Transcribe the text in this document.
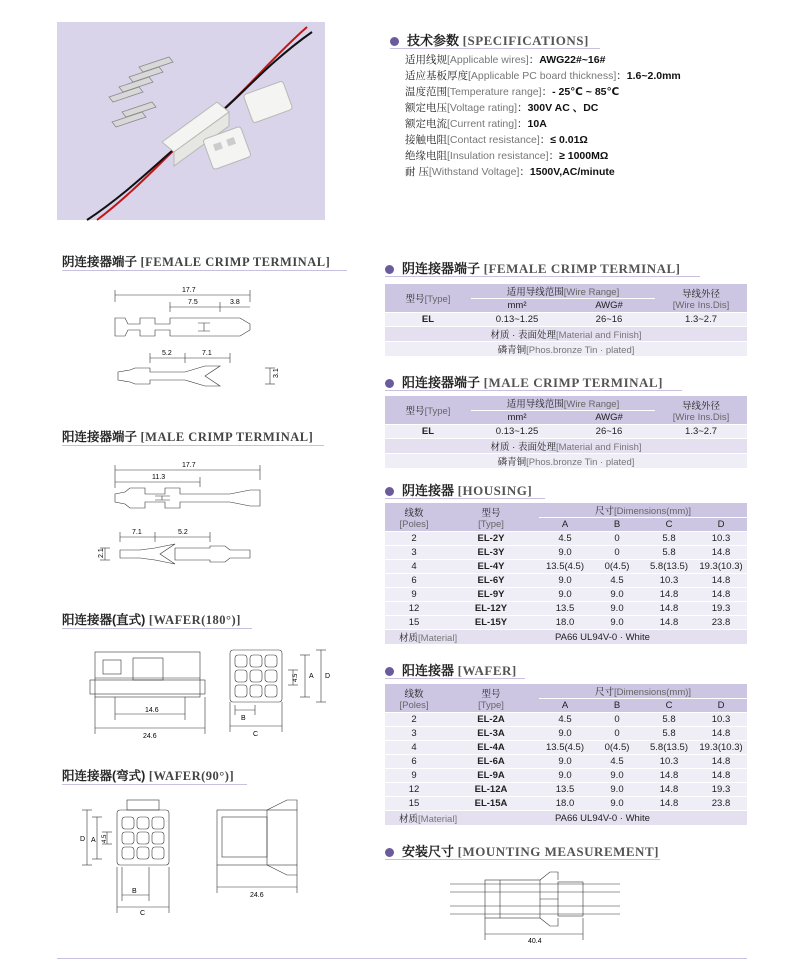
技术参数 [SPECIFICATIONS]
适用线规[Applicable wires]：AWG22#~16#
适应基板厚度[Applicable PC board thickness]：1.6~2.0mm
温度范围[Temperature range]：- 25℃ ~ 85℃
额定电压[Voltage rating]：300V AC 、DC
额定电流[Current rating]：10A
接触电阻[Contact resistance]：≤ 0.01Ω
绝缘电阻[Insulation resistance]：≥ 1000MΩ
耐 压[Withstand Voltage]：1500V,AC/minute
阴连接器端子 [FEMALE CRIMP TERMINAL]
17.7
7.5	3.8
5.2	7.1
3.1
阳连接器端子 [MALE CRIMP TERMINAL]
17.7
11.3
7.1	5.2
2.1
阳连接器(直式) [WAFER(180°)]
14.6
24.6
B
C
4.5 A D
阳连接器(弯式) [WAFER(90°)]
D A 4.5
B
C
24.6
阴连接器端子 [FEMALE CRIMP TERMINAL]
型号[Type]	适用导线范围[Wire Range]		导线外径
[Wire Ins.Dis]
	mm²	AWG#	
EL	0.13~1.25	26~16	1.3~2.7
材质 · 表面处理[Material and Finish]			
磷青铜[Phos.bronze Tin · plated]			
阳连接器端子 [MALE CRIMP TERMINAL]
型号[Type]	适用导线范围[Wire Range]		导线外径
[Wire Ins.Dis]
	mm²	AWG#	
EL	0.13~1.25	26~16	1.3~2.7
材质 · 表面处理[Material and Finish]			
磷青铜[Phos.bronze Tin · plated]			
阴连接器 [HOUSING]
线数
[Poles]	型号
[Type]	尺寸[Dimensions(mm)]			
		A	B	C	D
2	EL-2Y	4.5	0	5.8	10.3
3	EL-3Y	9.0	0	5.8	14.8
4	EL-4Y	13.5(4.5)	0(4.5)	5.8(13.5)	19.3(10.3)
6	EL-6Y	9.0	4.5	10.3	14.8
9	EL-9Y	9.0	9.0	14.8	14.8
12	EL-12Y	13.5	9.0	14.8	19.3
15	EL-15Y	18.0	9.0	14.8	23.8
材质[Material]		PA66 UL94V-0 · White			
阳连接器 [WAFER]
线数
[Poles]	型号
[Type]	尺寸[Dimensions(mm)]			
		A	B	C	D
2	EL-2A	4.5	0	5.8	10.3
3	EL-3A	9.0	0	5.8	14.8
4	EL-4A	13.5(4.5)	0(4.5)	5.8(13.5)	19.3(10.3)
6	EL-6A	9.0	4.5	10.3	14.8
9	EL-9A	9.0	9.0	14.8	14.8
12	EL-12A	13.5	9.0	14.8	19.3
15	EL-15A	18.0	9.0	14.8	23.8
材质[Material]		PA66 UL94V-0 · White			
安装尺寸 [MOUNTING MEASUREMENT]
40.4
